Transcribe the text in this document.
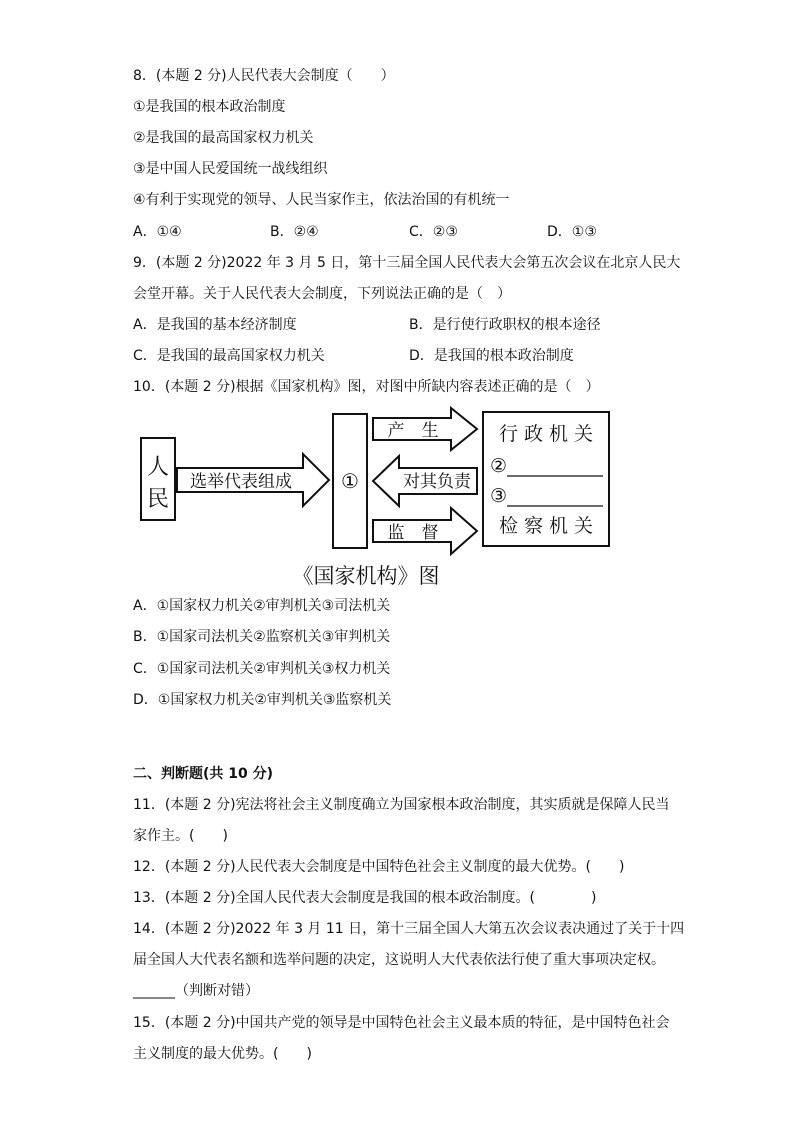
8．(本题 2 分)人民代表大会制度（　　）
①是我国的根本政治制度
②是我国的最高国家权力机关
③是中国人民爱国统一战线组织
④有利于实现党的领导、人民当家作主，依法治国的有机统一
A．①④	B．②④	C．②③	D．①③
9．(本题 2 分)2022 年 3 月 5 日，第十三届全国人民代表大会第五次会议在北京人民大
会堂开幕。关于人民代表大会制度，下列说法正确的是（　）
A．是我国的基本经济制度	B．是行使行政职权的根本途径
C．是我国的最高国家权力机关	D．是我国的根本政治制度
10．(本题 2 分)根据《国家机构》图，对图中所缺内容表述正确的是（　）
人
民
选举代表组成 ①
产　生
对其负责
监　督
行 政 机 关
②
③
检 察 机 关
《国家机构》图
A．①国家权力机关②审判机关③司法机关
B．①国家司法机关②监察机关③审判机关
C．①国家司法机关②审判机关③权力机关
D．①国家权力机关②审判机关③监察机关
二、判断题(共 10 分)
11．(本题 2 分)宪法将社会主义制度确立为国家根本政治制度，其实质就是保障人民当
家作主。(　　)
12．(本题 2 分)人民代表大会制度是中国特色社会主义制度的最大优势。(　　)
13．(本题 2 分)全国人民代表大会制度是我国的根本政治制度。(　　　　)
14．(本题 2 分)2022 年 3 月 11 日，第十三届全国人大第五次会议表决通过了关于十四
届全国人大代表名额和选举问题的决定，这说明人大代表依法行使了重大事项决定权。
______（判断对错）
15．(本题 2 分)中国共产党的领导是中国特色社会主义最本质的特征，是中国特色社会
主义制度的最大优势。(　　)
